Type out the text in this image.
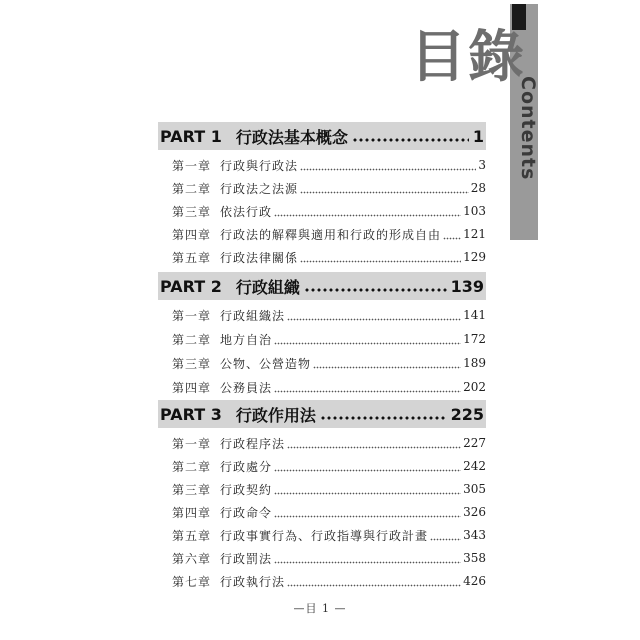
Contents
目錄
PART 1 行政法基本概念	1
第一章 行政與行政法	3
第二章 行政法之法源	28
第三章 依法行政	103
第四章 行政法的解釋與適用和行政的形成自由 121
第五章 行政法律關係	129
PART 2 行政組織	139
第一章 行政組織法	141
第二章 地方自治	172
第三章 公物、公營造物	189
第四章 公務員法	202
PART 3 行政作用法	225
第一章 行政程序法	227
第二章 行政處分	242
第三章 行政契約	305
第四章 行政命令	326
第五章 行政事實行為、行政指導與行政計畫	343
第六章 行政罰法	358
第七章 行政執行法	426
—目 1 —
